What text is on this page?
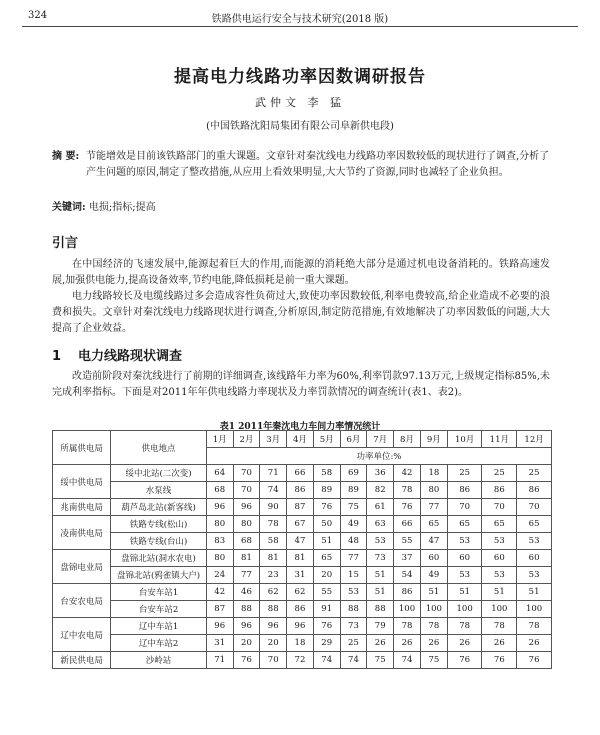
324	铁路供电运行安全与技术研究(2018 版)
提高电力线路功率因数调研报告
武仲文 李 猛
(中国铁路沈阳局集团有限公司阜新供电段)
摘 要: 节能增效是目前该铁路部门的重大课题。文章针对秦沈线电力线路功率因数较低的现状进行了调查,分析了产生问题的原因,制定了整改措施,从应用上看效果明显,大大节约了资源,同时也减轻了企业负担。
关键词: 电损;指标;提高
引言

在中国经济的飞速发展中,能源起着巨大的作用,而能源的消耗绝大部分是通过机电设备消耗的。铁路高速发展,加强供电能力,提高设备效率,节约电能,降低损耗是前一重大课题。

电力线路较长及电缆线路过多会造成容性负荷过大,致使功率因数较低,利率电费较高,给企业造成不必要的浪费和损失。文章针对秦沈线电力线路现状进行调查,分析原因,制定防范措施,有效地解决了功率因数低的问题,大大提高了企业效益。

1 电力线路现状调查

改造前阶段对秦沈线进行了前期的详细调查,该线路年力率为60%,利率罚款97.13万元,上级规定指标85%,未完成利率指标。下面是对2011年年供电线路力率现状及力率罚款情况的调查统计(表1、表2)。

表1 2011年秦沈电力车间力率情况统计
所属供电局	供电地点	1月	2月	3月	4月	5月	6月	7月	8月	9月	10月	11月	12月
		功率单位:%											
绥中供电局	绥中北站(二次变)	64	70	71	66	58	69	36	42	18	25	25	25
	水泵线	68	70	74	86	89	89	82	78	80	86	86	86
兆南供电局	葫芦岛北站(新客线)	96	96	90	87	76	75	61	76	77	70	70	70
凌南供电局	铁路专线(松山)	80	80	78	67	50	49	63	66	65	65	65	65
	铁路专线(台山)	83	68	58	47	51	48	53	55	47	53	53	53
盘锦电业局	盘锦北站(洞水农电)	80	81	81	81	65	77	73	37	60	60	60	60
	盘锦北站(鸦雀镇大户)	24	77	23	31	20	15	51	54	49	53	53	53
台安农电局	台安车站1	42	46	62	62	55	53	51	86	51	51	51	51
	台安车站2	87	88	88	86	91	88	88	100	100	100	100	100
辽中农电局	辽中车站1	96	96	96	96	76	73	79	78	78	78	78	78
	辽中车站2	31	20	20	18	29	25	26	26	26	26	26	26
新民供电局	沙岭站	71	76	70	72	74	74	75	74	75	76	76	76
